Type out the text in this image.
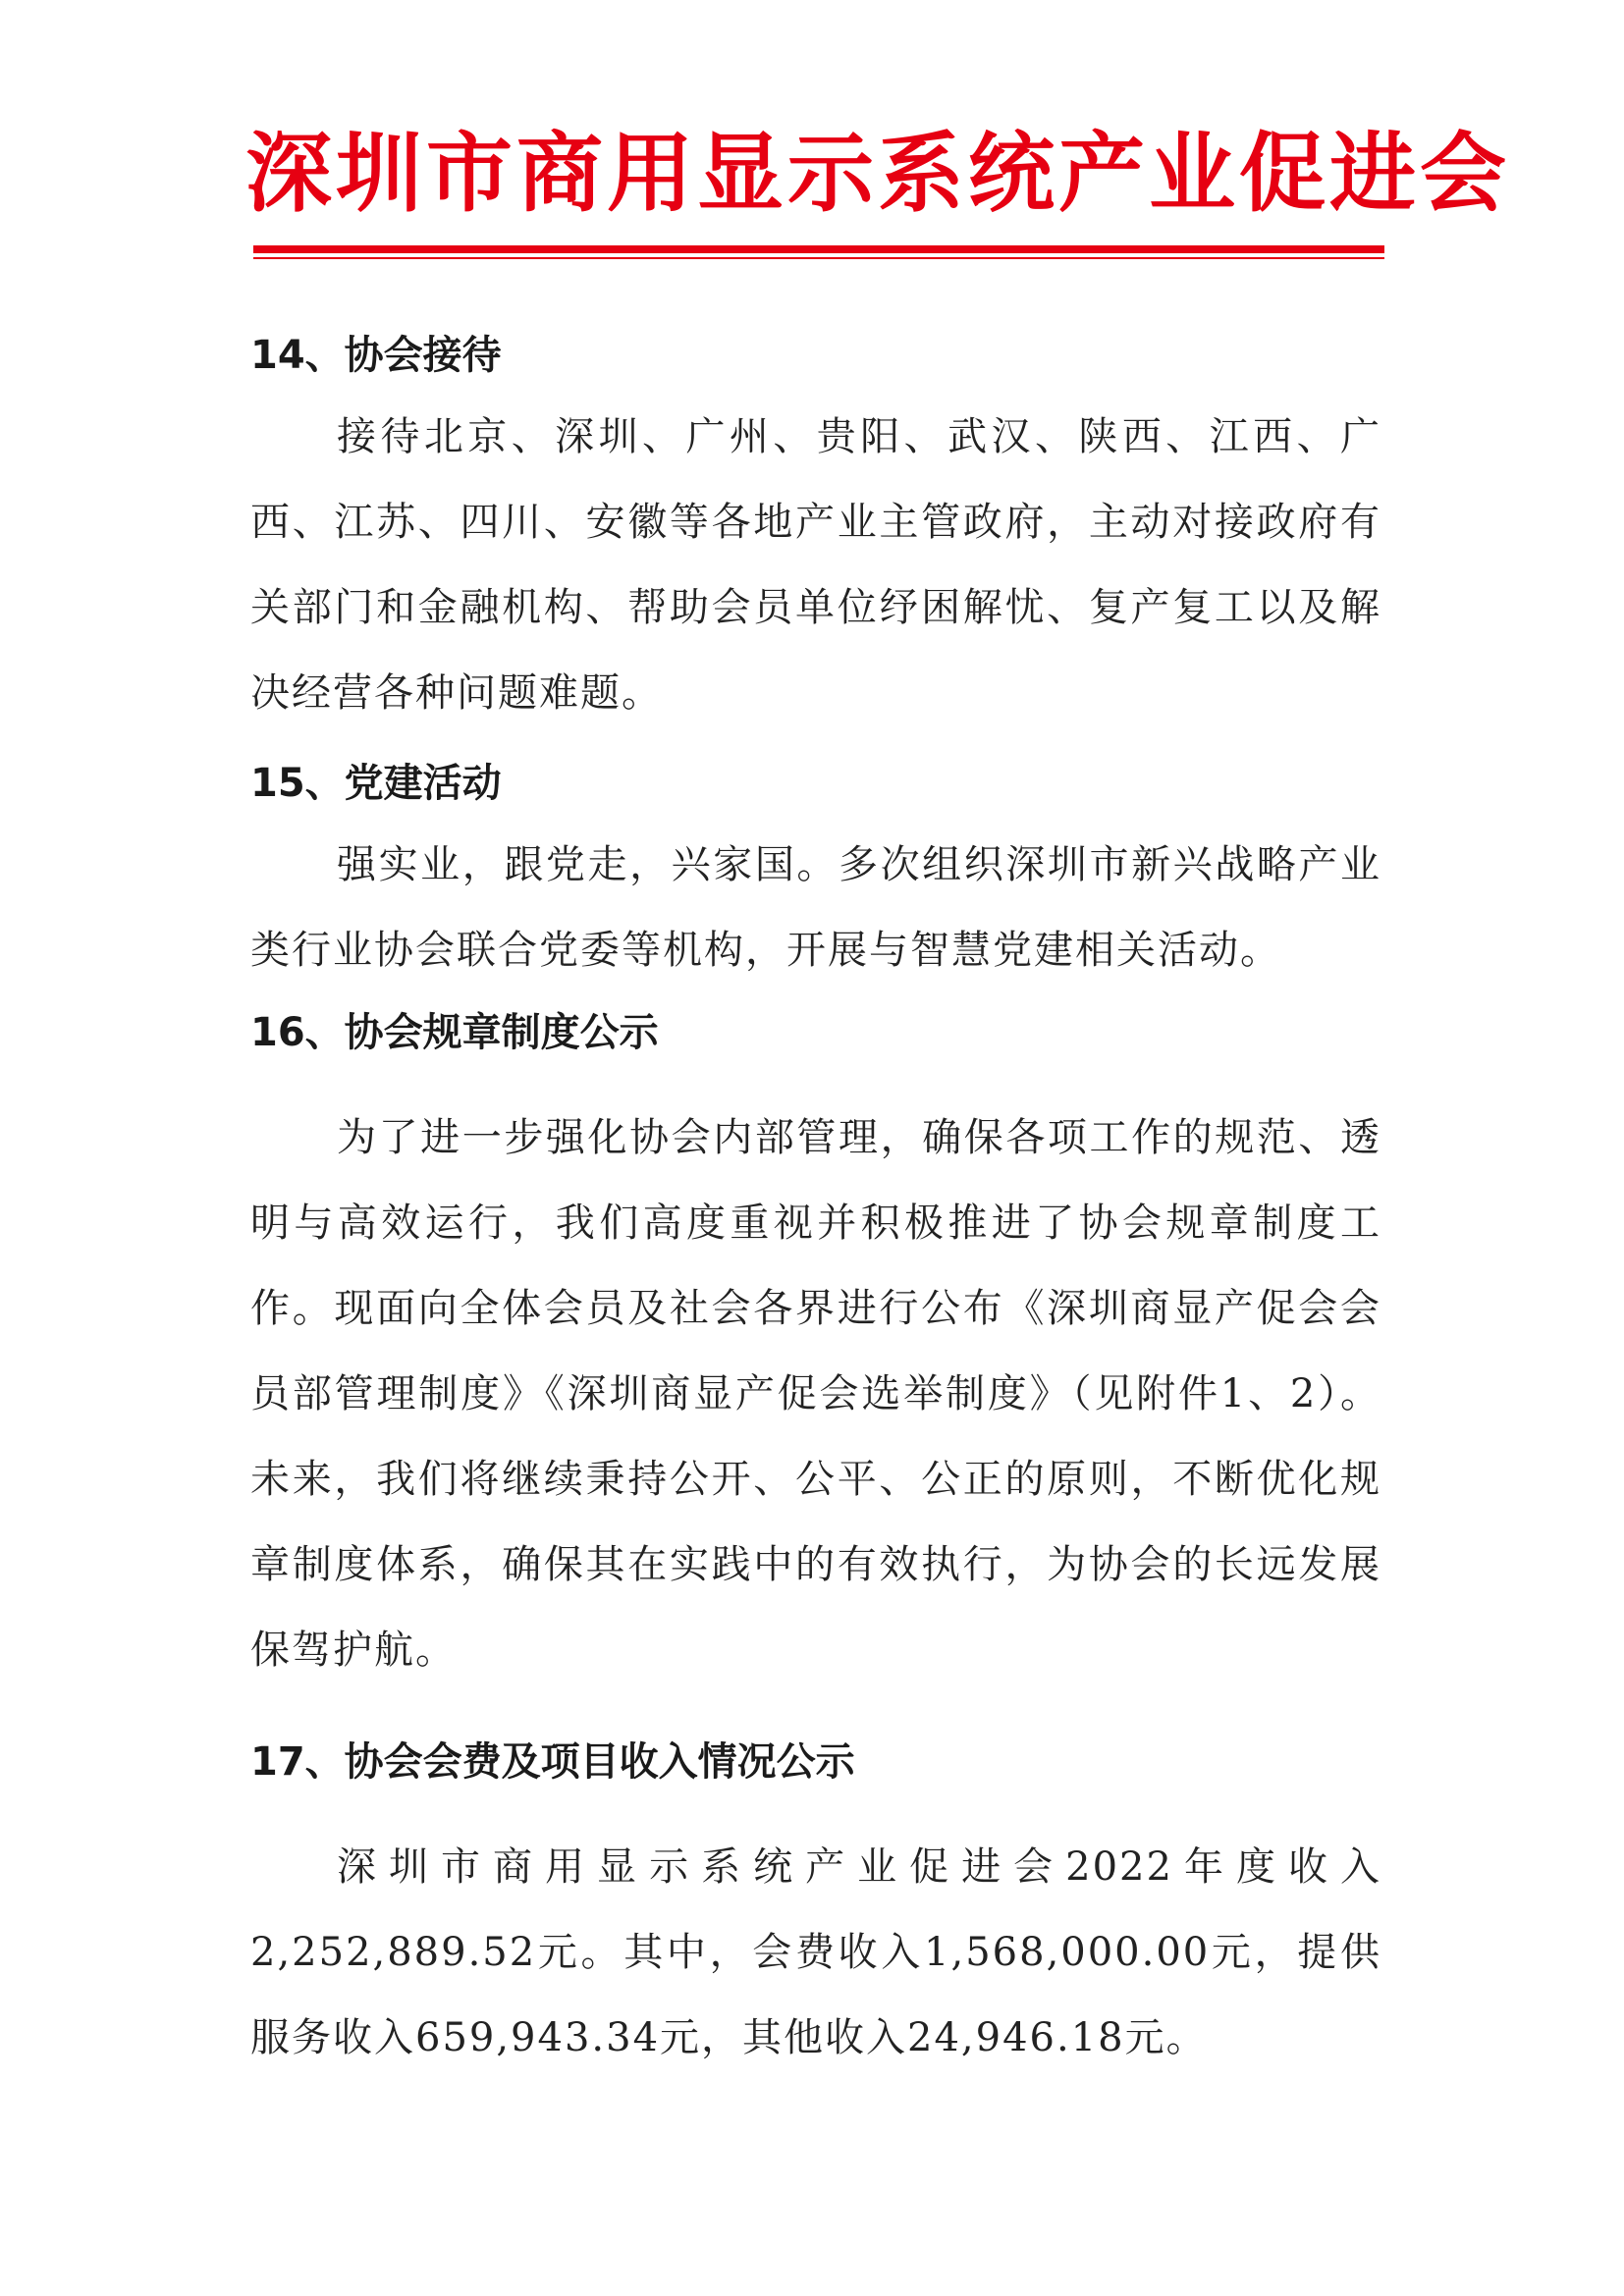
深圳市商用显示系统产业促进会
14、协会接待

接待北京、深圳、广州、贵阳、武汉、陕西、江西、广西、江苏、四川、安徽等各地产业主管政府，主动对接政府有关部门和金融机构、帮助会员单位纾困解忧、复产复工以及解决经营各种问题难题。

15、党建活动

强实业，跟党走，兴家国。多次组织深圳市新兴战略产业类行业协会联合党委等机构，开展与智慧党建相关活动。

16、协会规章制度公示

为了进一步强化协会内部管理，确保各项工作的规范、透明与高效运行，我们高度重视并积极推进了协会规章制度工作。现面向全体会员及社会各界进行公布《深圳商显产促会会员部管理制度》《深圳商显产促会选举制度》（见附件1、2）。未来，我们将继续秉持公开、公平、公正的原则，不断优化规章制度体系，确保其在实践中的有效执行，为协会的长远发展保驾护航。

17、协会会费及项目收入情况公示

深圳市商用显示系统产业促进会2022年度收入2,252,889.52元。其中，会费收入1,568,000.00元，提供服务收入659,943.34元，其他收入24,946.18元。
